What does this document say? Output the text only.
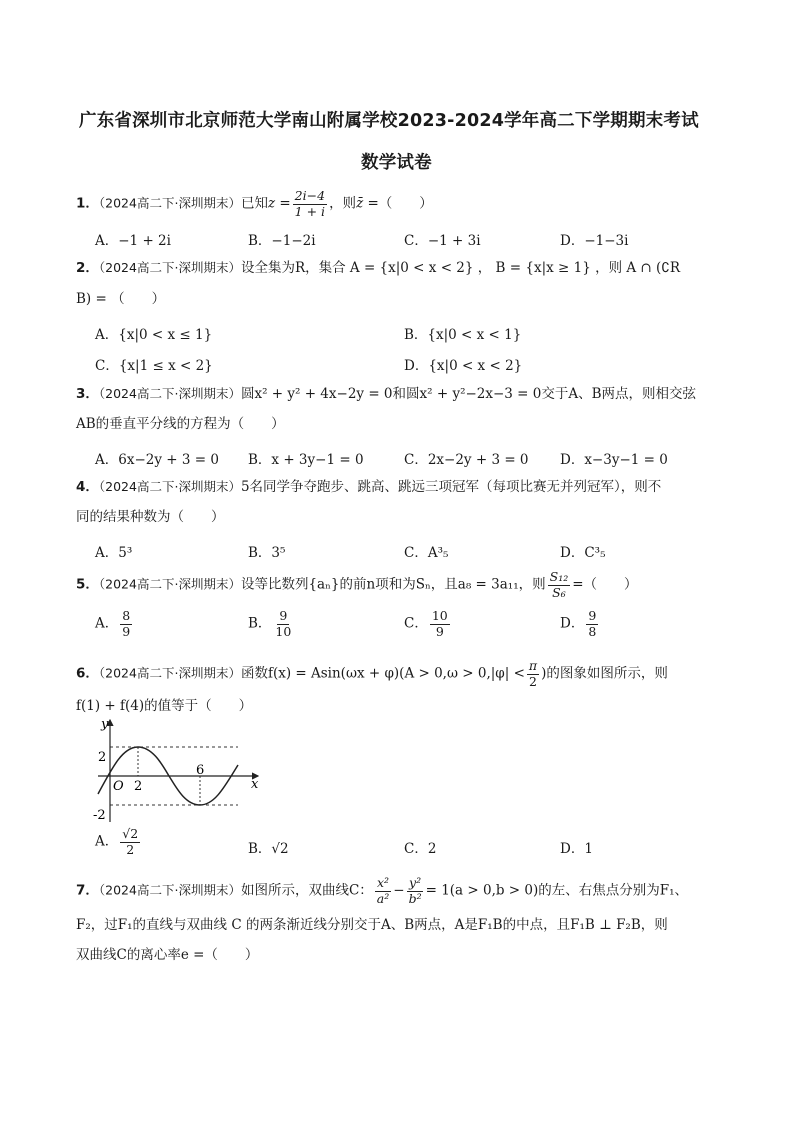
广东省深圳市北京师范大学南山附属学校2023-2024学年高二下学期期末考试
数学试卷
1．（2024高二下·深圳期末）已知$z = \frac{2i-4}{1 + i}$ ，则z̄ =（　　）
A．−1 + 2i	B．−1−2i	C．−1 + 3i	D．−1−3i
2．（2024高二下·深圳期末）设全集为R，集合 A = {x|0 < x < 2} ， B = {x|x ≥ 1} ，则 A ∩ (∁R
B) = （　　）
A．{x|0 < x ≤ 1}	B．{x|0 < x < 1}
C．{x|1 ≤ x < 2}	D．{x|0 < x < 2}
3．（2024高二下·深圳期末）圆x² + y² + 4x−2y = 0和圆x² + y²−2x−3 = 0交于A、B两点，则相交弦
AB的垂直平分线的方程为（　　）
A．6x−2y + 3 = 0 B．x + 3y−1 = 0	C．2x−2y + 3 = 0 D．x−3y−1 = 0
4．（2024高二下·深圳期末）5名同学争夺跑步、跳高、跳远三项冠军（每项比赛无并列冠军），则不
同的结果种数为（　　）
A．5³	B．3⁵	C．A³₅	D．C³₅
5．（2024高二下·深圳期末）设等比数列{aₙ}的前n项和为Sₙ，且a₈ = 3a₁₁，则 $\frac{\text{S₁₂}}{\text{S₆}}$ =（　　）
A． $\frac{8}{9}$	B． $\frac{9}{10}$	C． $\frac{10}{9}$	D． $\frac{9}{8}$
6．（2024高二下·深圳期末）函数$f(x) = Asin(\omega x + \varphi)(A > 0,\omega > 0,|\varphi| < \frac{\pi}{2}$ )的图象如图所示，则
f(1) + f(4)的值等于（　　）
y
x
O 2
6
2
-2
A． $\frac{√2}{2}$	B．√2	C．2	D．1
7．（2024高二下·深圳期末）如图所示，双曲线C： $\frac{\text{x²}}{\text{a²}} - \frac{\text{y²}}{\text{b²}} = 1(a > 0,b > 0)$的左、右焦点分别为F₁、
F₂，过F₁的直线与双曲线 C 的两条渐近线分别交于A、B两点，A是F₁B的中点，且F₁B ⊥ F₂B，则
双曲线C的离心率e =（　　）
